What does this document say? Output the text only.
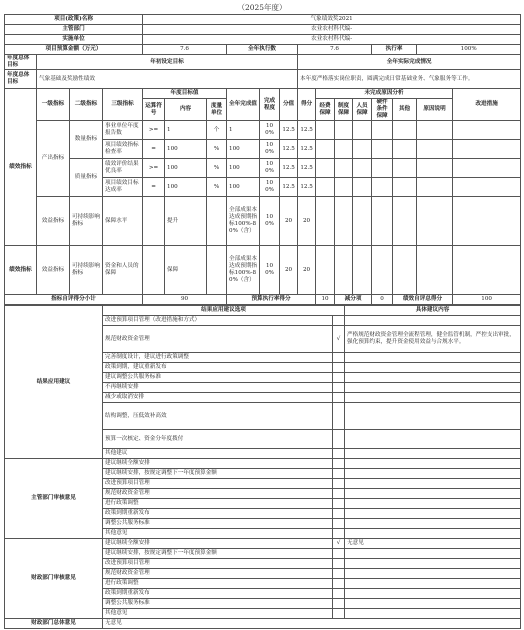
（2025年度）
项目(政策)名称				气象绩效奖2021													
主管部门				农业农村科代编-													
实施单位				农业农村科代编-													
项目预算金额（万元）				7.6			全年执行数			7.6				执行率		100%	
年度总体目标	年初设定目标									全年实际完成情况							
年度总体目标	气象基础及奖励性绩效									本年度严格落实岗位职责，圆满完成日常基础业务、气象服务等工作。							
绩效指标	一级指标	二级指标	三级指标	年度目标值			全年完成值	完成程度	分值	得分	未完成原因分析						改进措施
				运算符号	内容	度量单位					经费保障	制度保障	人员保障	硬件条件保障	其他	原因说明	

	产出指标	数量指标	事业单位年度报告数	>=	1	个	1	100%	12.5	12.5							
			项目绩效指标检查率	=	100	%	100	100%	12.5	12.5							
		质量指标	绩效评价结果优良率	>=	100	%	100	100%	12.5	12.5							
			项目绩效目标达成率	=	100	%	100	100%	12.5	12.5							
	效益指标	可持续影响指标	保障水平		提升		全部成果本达成预期指标100%-80%（含）	100%	20	20							

绩效指标	效益指标	可持续影响指标	资金和人员的保障		保障		全部成果本达成预期指标100%-80%（含）	100%	20	20							
指标自评得分小计				90			预算执行率得分				10	减分项		0	绩效自评总得分		100
结果应用建议	结果应用建议选项		具体建议内容
	改进预算项目管理（改进措施和方式）		
	规范财政资金管理	√	严格规范财政资金管理全流程管理，健全监管机制，严控支出审批，强化预算约束，提升资金使用效益与合规水平。
	完善制度设计，建议进行政策调整		
	政策到期，建议重新发布		
	建议调整公共服务标准		
	不再继续安排		
	减少或取消安排		
	结构调整，压低效补高效		
	预算一次核定、资金分年度拨付		
	其他建议		

主管部门审核意见	建议继续全额安排		
	建议继续安排，按规定调整下一年度预算金额		
	改进预算项目管理		
	规范财政资金管理		
	进行政策调整		
	政策到期重新发布		
	调整公共服务标准		
	其他意见		
财政部门审核意见	建议继续全额安排	√	无意见
	建议继续安排，按规定调整下一年度预算金额		
	改进预算项目管理		
	规范财政资金管理		
	进行政策调整		
	政策到期重新发布		
	调整公共服务标准		
	其他意见		
财政部门总体意见	无意见		
